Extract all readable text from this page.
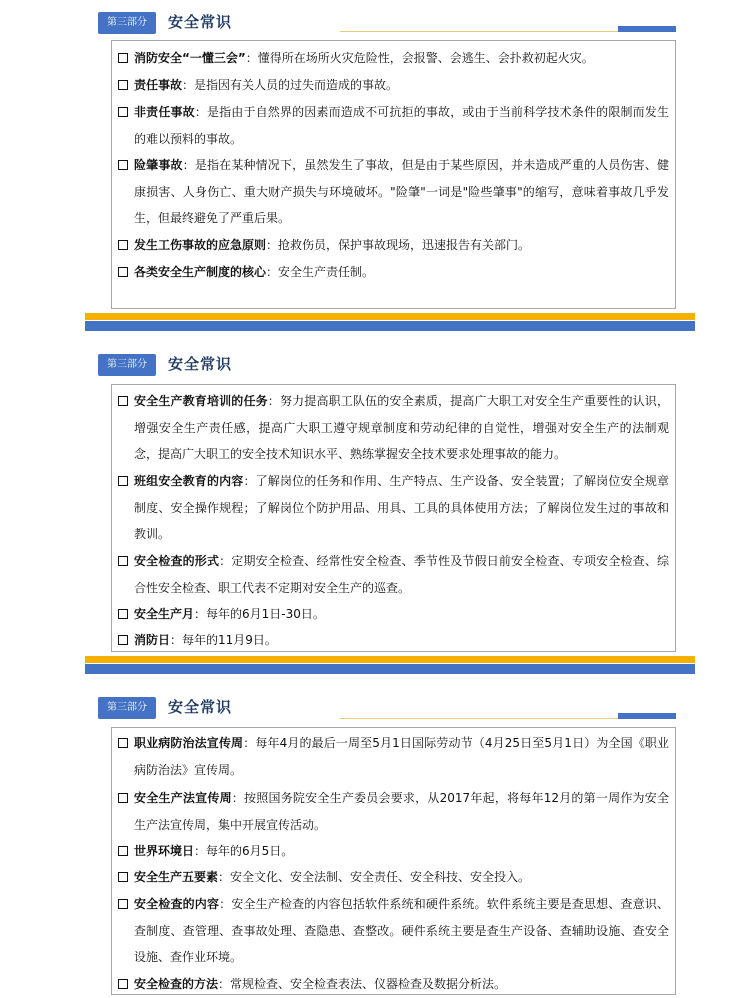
第三部分	安全常识
消防安全“一懂三会”：懂得所在场所火灾危险性，会报警、会逃生、会扑救初起火灾。
责任事故：是指因有关人员的过失而造成的事故。
非责任事故：是指由于自然界的因素而造成不可抗拒的事故，或由于当前科学技术条件的限制而发生的难以预料的事故。
险肇事故：是指在某种情况下，虽然发生了事故，但是由于某些原因，并未造成严重的人员伤害、健康损害、人身伤亡、重大财产损失与环境破坏。"险肇"一词是"险些肇事"的缩写，意味着事故几乎发生，但最终避免了严重后果。
发生工伤事故的应急原则：抢救伤员，保护事故现场，迅速报告有关部门。
各类安全生产制度的核心：安全生产责任制。
第三部分	安全常识
安全生产教育培训的任务：努力提高职工队伍的安全素质，提高广大职工对安全生产重要性的认识，增强安全生产责任感，提高广大职工遵守规章制度和劳动纪律的自觉性，增强对安全生产的法制观念，提高广大职工的安全技术知识水平、熟练掌握安全技术要求处理事故的能力。
班组安全教育的内容：了解岗位的任务和作用、生产特点、生产设备、安全装置；了解岗位安全规章制度、安全操作规程；了解岗位个防护用品、用具、工具的具体使用方法；了解岗位发生过的事故和教训。
安全检查的形式：定期安全检查、经常性安全检查、季节性及节假日前安全检查、专项安全检查、综合性安全检查、职工代表不定期对安全生产的巡查。
安全生产月：每年的6月1日-30日。
消防日：每年的11月9日。
第三部分	安全常识
职业病防治法宣传周：每年4月的最后一周至5月1日国际劳动节（4月25日至5月1日）为全国《职业病防治法》宣传周。
安全生产法宣传周：按照国务院安全生产委员会要求，从2017年起，将每年12月的第一周作为安全生产法宣传周，集中开展宣传活动。
世界环境日：每年的6月5日。
安全生产五要素：安全文化、安全法制、安全责任、安全科技、安全投入。
安全检查的内容：安全生产检查的内容包括软件系统和硬件系统。软件系统主要是查思想、查意识、查制度、查管理、查事故处理、查隐患、查整改。硬件系统主要是查生产设备、查辅助设施、查安全设施、查作业环境。
安全检查的方法：常规检查、安全检查表法、仪器检查及数据分析法。
